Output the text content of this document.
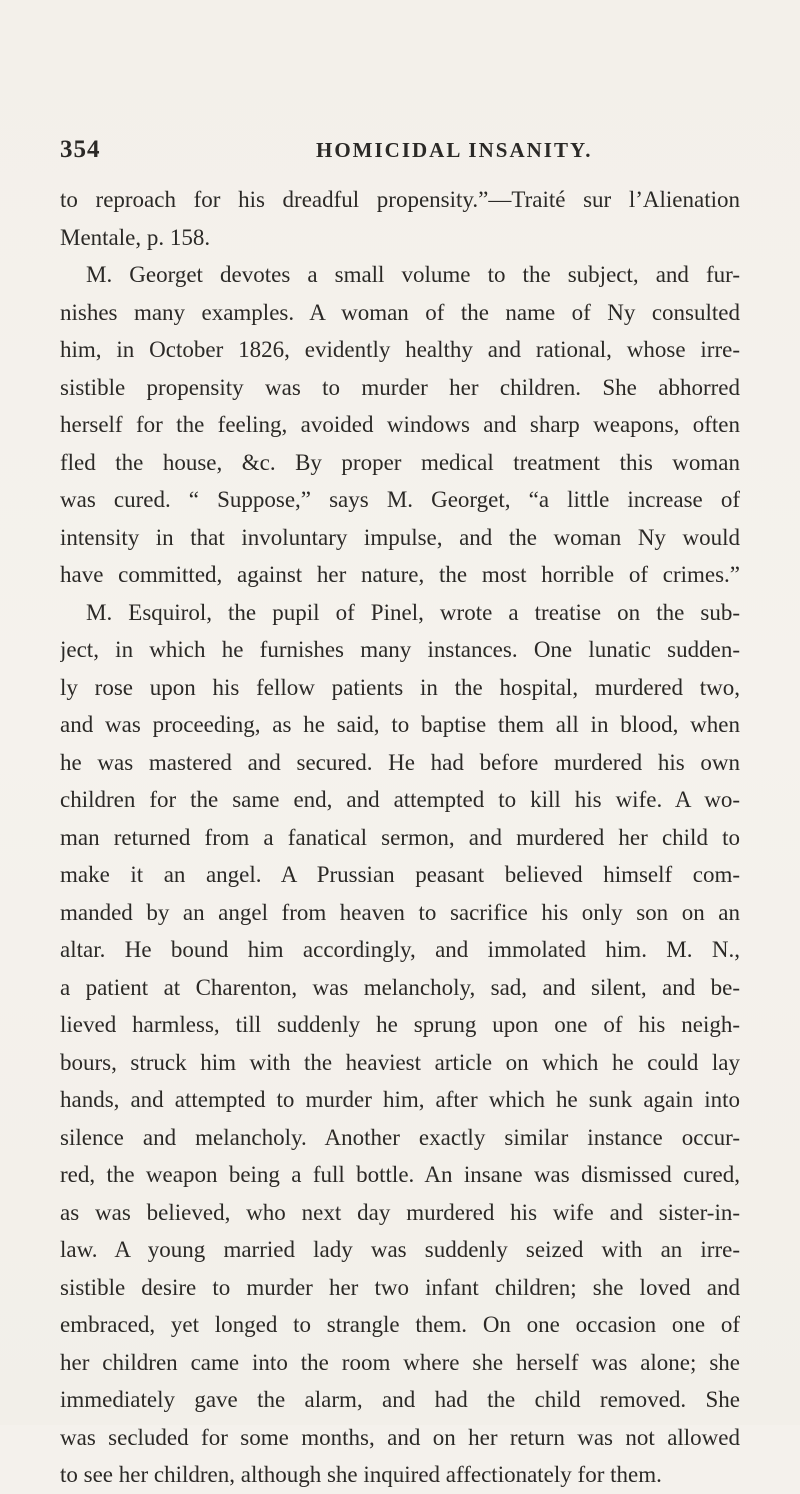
354	HOMICIDAL INSANITY.
to reproach for his dreadful propensity.”—Traité sur l’Alienation
Mentale, p. 158.
M. Georget devotes a small volume to the subject, and fur-
nishes many examples. A woman of the name of Ny consulted
him, in October 1826, evidently healthy and rational, whose irre-
sistible propensity was to murder her children. She abhorred
herself for the feeling, avoided windows and sharp weapons, often
fled the house, &c. By proper medical treatment this woman
was cured. “ Suppose,” says M. Georget, “a little increase of
intensity in that involuntary impulse, and the woman Ny would
have committed, against her nature, the most horrible of crimes.”
M. Esquirol, the pupil of Pinel, wrote a treatise on the sub-
ject, in which he furnishes many instances. One lunatic sudden-
ly rose upon his fellow patients in the hospital, murdered two,
and was proceeding, as he said, to baptise them all in blood, when
he was mastered and secured. He had before murdered his own
children for the same end, and attempted to kill his wife. A wo-
man returned from a fanatical sermon, and murdered her child to
make it an angel. A Prussian peasant believed himself com-
manded by an angel from heaven to sacrifice his only son on an
altar. He bound him accordingly, and immolated him. M. N.,
a patient at Charenton, was melancholy, sad, and silent, and be-
lieved harmless, till suddenly he sprung upon one of his neigh-
bours, struck him with the heaviest article on which he could lay
hands, and attempted to murder him, after which he sunk again into
silence and melancholy. Another exactly similar instance occur-
red, the weapon being a full bottle. An insane was dismissed cured,
as was believed, who next day murdered his wife and sister-in-
law. A young married lady was suddenly seized with an irre-
sistible desire to murder her two infant children; she loved and
embraced, yet longed to strangle them. On one occasion one of
her children came into the room where she herself was alone; she
immediately gave the alarm, and had the child removed. She
was secluded for some months, and on her return was not allowed
to see her children, although she inquired affectionately for them.
